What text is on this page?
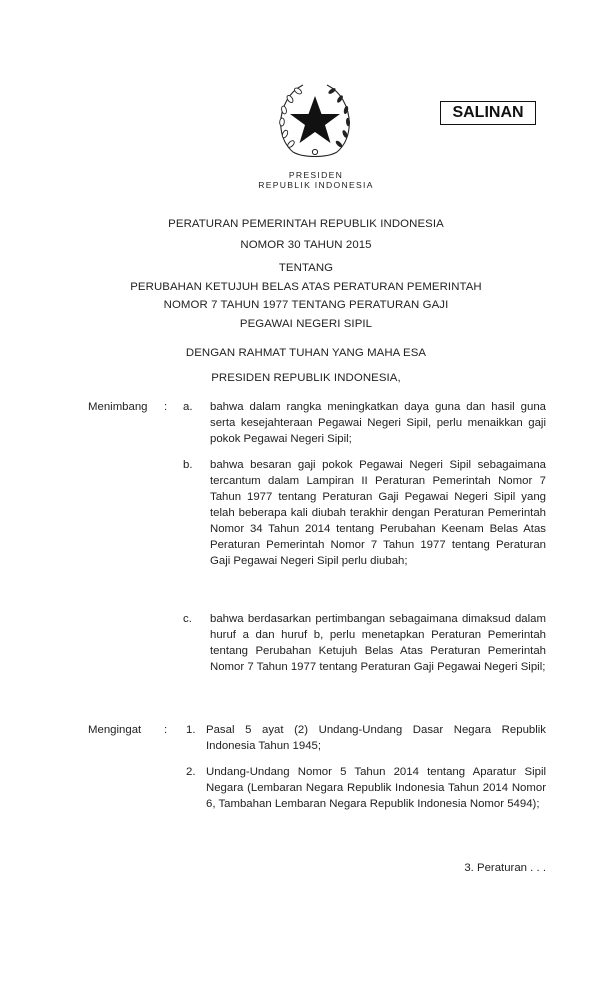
SALINAN
PRESIDEN
REPUBLIK INDONESIA
PERATURAN PEMERINTAH REPUBLIK INDONESIA
NOMOR 30 TAHUN 2015
TENTANG
PERUBAHAN KETUJUH BELAS ATAS PERATURAN PEMERINTAH
NOMOR 7 TAHUN 1977 TENTANG PERATURAN GAJI
PEGAWAI NEGERI SIPIL
DENGAN RAHMAT TUHAN YANG MAHA ESA
PRESIDEN REPUBLIK INDONESIA,
Menimbang : a. bahwa dalam rangka meningkatkan daya guna dan hasil guna serta kesejahteraan Pegawai Negeri Sipil, perlu menaikkan gaji pokok Pegawai Negeri Sipil;
b. bahwa besaran gaji pokok Pegawai Negeri Sipil sebagaimana tercantum dalam Lampiran II Peraturan Pemerintah Nomor 7 Tahun 1977 tentang Peraturan Gaji Pegawai Negeri Sipil yang telah beberapa kali diubah terakhir dengan Peraturan Pemerintah Nomor 34 Tahun 2014 tentang Perubahan Keenam Belas Atas Peraturan Pemerintah Nomor 7 Tahun 1977 tentang Peraturan Gaji Pegawai Negeri Sipil perlu diubah;
c. bahwa berdasarkan pertimbangan sebagaimana dimaksud dalam huruf a dan huruf b, perlu menetapkan Peraturan Pemerintah tentang Perubahan Ketujuh Belas Atas Peraturan Pemerintah Nomor 7 Tahun 1977 tentang Peraturan Gaji Pegawai Negeri Sipil;
Mengingat : 1. Pasal 5 ayat (2) Undang-Undang Dasar Negara Republik Indonesia Tahun 1945;
2. Undang-Undang Nomor 5 Tahun 2014 tentang Aparatur Sipil Negara (Lembaran Negara Republik Indonesia Tahun 2014 Nomor 6, Tambahan Lembaran Negara Republik Indonesia Nomor 5494);
3. Peraturan . . .
